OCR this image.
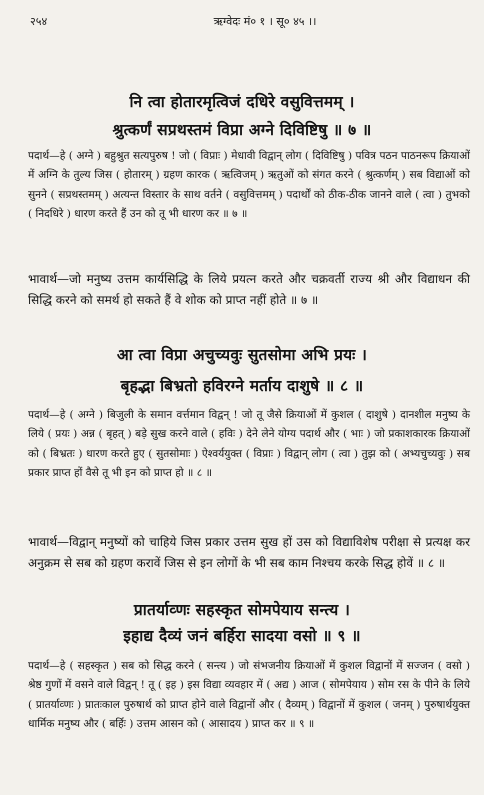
२५४	ऋग्वेदः मं० १ । सू० ४५ ।।
नि त्वा होतारमृत्विजं दधिरे वसुवित्तमम् ।
श्रुत्कर्णं सप्रथस्तमं विप्रा अग्ने दिविष्टिषु ॥ ७ ॥
पदार्थ—हे ( अग्ने ) बहुश्रुत सत्यपुरुष ! जो ( विप्राः ) मेधावी विद्वान् लोग ( दिविष्टिषु ) पवित्र पठन पाठनरूप क्रियाओं में अग्नि के तुल्य जिस ( होतारम् ) ग्रहण कारक ( ऋत्विजम् ) ऋतुओं को संगत करने ( श्रुत्कर्णम् ) सब विद्याओं को सुनने ( सप्रथस्तमम् ) अत्यन्त विस्तार के साथ वर्तने ( वसुवित्तमम् ) पदार्थों को ठीक-ठीक जानने वाले ( त्वा ) तुभको ( निदधिरे ) धारण करते हैं उन को तू भी धारण कर ॥ ७ ॥
भावार्थ—जो मनुष्य उत्तम कार्यसिद्धि के लिये प्रयत्न करते और चक्रवर्ती राज्य श्री और विद्याधन की सिद्धि करने को समर्थ हो सकते हैं वे शोक को प्राप्त नहीं होते ॥ ७ ॥
आ त्वा विप्रा अचुच्यवुः सुतसोमा अभि प्रयः ।
बृहद्भा बिभ्रतो हविरग्ने मर्ताय दाशुषे ॥ ८ ॥
पदार्थ—हे ( अग्ने ) बिजुली के समान वर्त्तमान विद्वन् ! जो तू जैसे क्रियाओं में कुशल ( दाशुषे ) दानशील मनुष्य के लिये ( प्रयः ) अन्न ( बृहत् ) बड़े सुख करने वाले ( हविः ) देने लेने योग्य पदार्थ और ( भाः ) जो प्रकाशकारक क्रियाओं को ( बिभ्रतः ) धारण करते हुए ( सुतसोमाः ) ऐश्वर्ययुक्त ( विप्राः ) विद्वान् लोग ( त्वा ) तुझ को ( अभ्यचुच्यवुः ) सब प्रकार प्राप्त हों वैसे तू भी इन को प्राप्त हो ॥ ८ ॥
भावार्थ—विद्वान् मनुष्यों को चाहिये जिस प्रकार उत्तम सुख हों उस को विद्याविशेष परीक्षा से प्रत्यक्ष कर अनुक्रम से सब को ग्रहण करावें जिस से इन लोगों के भी सब काम निश्चय करके सिद्ध होवें ॥ ८ ॥
प्रातर्याव्णः सहस्कृत सोमपेयाय सन्त्य ।
इहाद्य दैव्यं जनं बर्हिरा सादया वसो ॥ ९ ॥
पदार्थ—हे ( सहस्कृत ) सब को सिद्ध करने ( सन्त्य ) जो संभजनीय क्रियाओं में कुशल विद्वानों में सज्जन ( वसो ) श्रेष्ठ गुणों में वसने वाले विद्वन् ! तू ( इह ) इस विद्या व्यवहार में ( अद्य ) आज ( सोमपेयाय ) सोम रस के पीने के लिये ( प्रातर्याव्णः ) प्रातःकाल पुरुषार्थ को प्राप्त होने वाले विद्वानों और ( दैव्यम् ) विद्वानों में कुशल ( जनम् ) पुरुषार्थयुक्त धार्मिक मनुष्य और ( बर्हिः ) उत्तम आसन को ( आसादय ) प्राप्त कर ॥ ९ ॥
